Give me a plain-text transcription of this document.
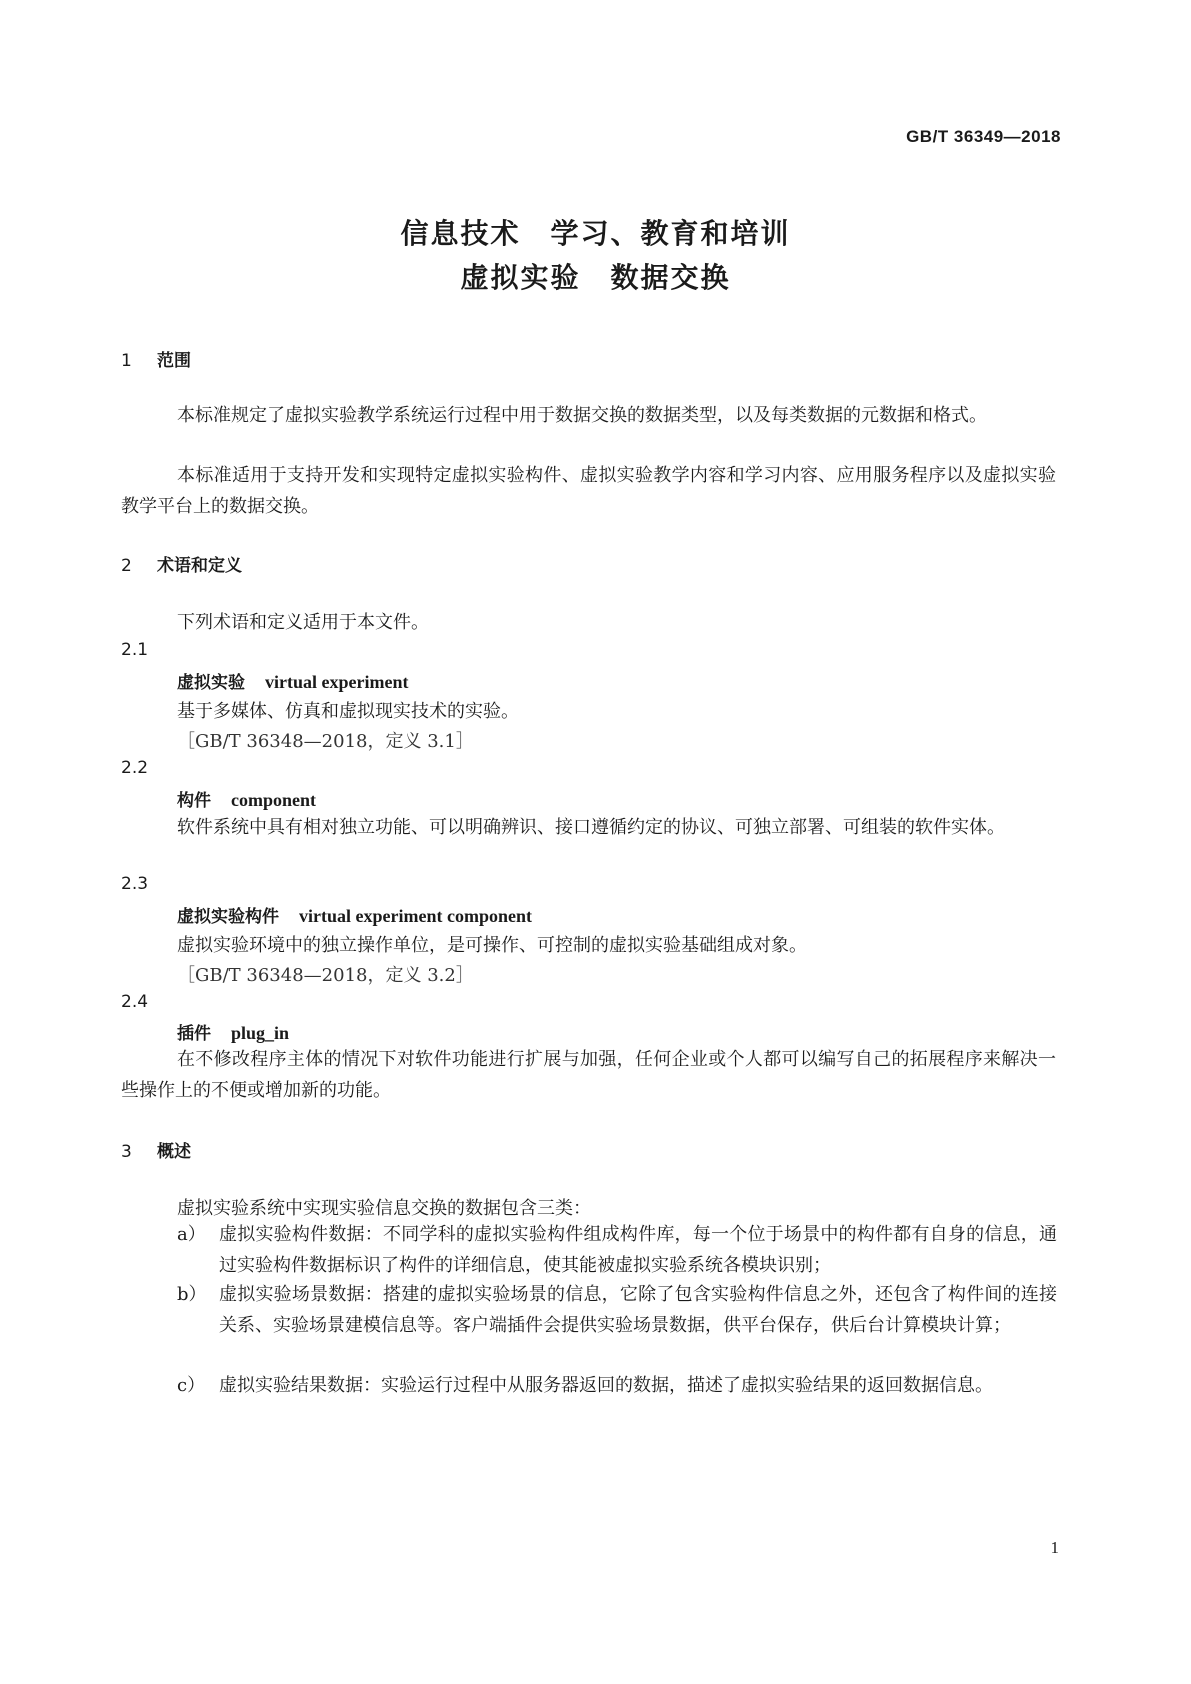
GB/T 36349—2018
信息技术　学习、教育和培训
虚拟实验　数据交换
1 范围
本标准规定了虚拟实验教学系统运行过程中用于数据交换的数据类型，以及每类数据的元数据和格式。
本标准适用于支持开发和实现特定虚拟实验构件、虚拟实验教学内容和学习内容、应用服务程序以及虚拟实验教学平台上的数据交换。
2 术语和定义
下列术语和定义适用于本文件。
2.1
虚拟实验 virtual experiment
基于多媒体、仿真和虚拟现实技术的实验。
［GB/T 36348—2018，定义 3.1］
2.2
构件 component
软件系统中具有相对独立功能、可以明确辨识、接口遵循约定的协议、可独立部署、可组装的软件实体。
2.3
虚拟实验构件 virtual experiment component
虚拟实验环境中的独立操作单位，是可操作、可控制的虚拟实验基础组成对象。
［GB/T 36348—2018，定义 3.2］
2.4
插件 plug_in
在不修改程序主体的情况下对软件功能进行扩展与加强，任何企业或个人都可以编写自己的拓展程序来解决一些操作上的不便或增加新的功能。
3 概述
虚拟实验系统中实现实验信息交换的数据包含三类：
a） 虚拟实验构件数据：不同学科的虚拟实验构件组成构件库，每一个位于场景中的构件都有自身的信息，通过实验构件数据标识了构件的详细信息，使其能被虚拟实验系统各模块识别；
b） 虚拟实验场景数据：搭建的虚拟实验场景的信息，它除了包含实验构件信息之外，还包含了构件间的连接关系、实验场景建模信息等。客户端插件会提供实验场景数据，供平台保存，供后台计算模块计算；
c） 虚拟实验结果数据：实验运行过程中从服务器返回的数据，描述了虚拟实验结果的返回数据信息。
1
